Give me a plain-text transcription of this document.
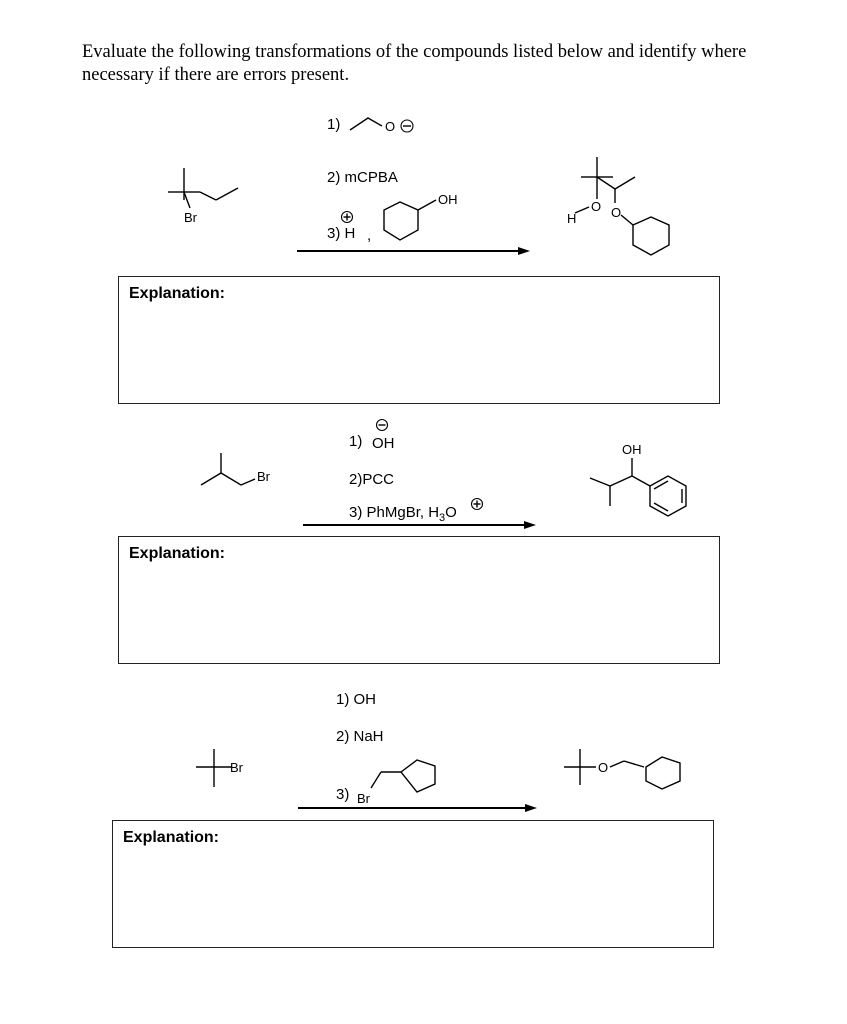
Evaluate the following transformations of the compounds listed below and identify where necessary if there are errors present.
Br
1)	O
2) mCPBA
3) H ,
OH
H
O O
Explanation:
Br
1) OH
2)PCC
3) PhMgBr, $H_3O$
OH
Explanation:
Br
1) OH
2) NaH
3) Br
O
Explanation:
